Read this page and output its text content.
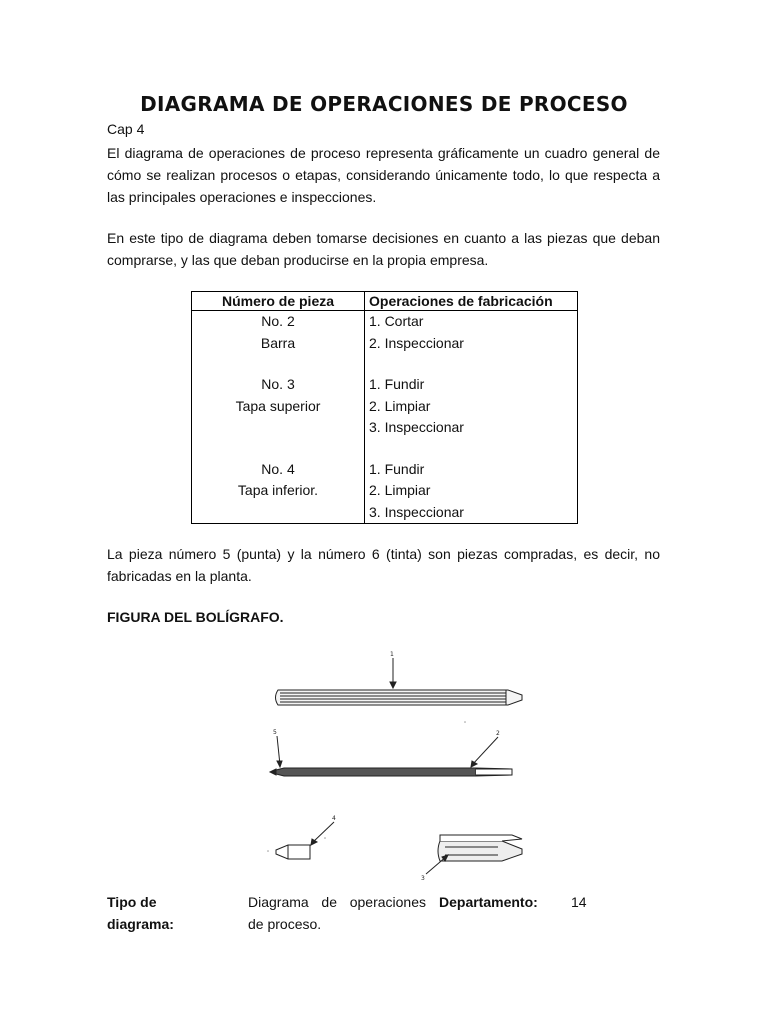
DIAGRAMA DE OPERACIONES DE PROCESO
Cap 4

El diagrama de operaciones de proceso representa gráficamente un cuadro general de cómo se realizan procesos o etapas, considerando únicamente todo, lo que respecta a las principales operaciones e inspecciones.

En este tipo de diagrama deben tomarse decisiones en cuanto a las piezas que deban comprarse, y las que deban producirse en la propia empresa.

Número de pieza	Operaciones de fabricación
No. 2	1. Cortar
Barra	2. Inspeccionar

No. 3	1. Fundir
Tapa superior	2. Limpiar
	3. Inspeccionar

No. 4	1. Fundir
Tapa inferior.	2. Limpiar
	3. Inspeccionar

La pieza número 5 (punta) y la número 6 (tinta) son piezas compradas, es decir, no fabricadas en la planta.

FIGURA DEL BOLÍGRAFO.
1
2
3
4
5
Tipo de diagrama:
Diagrama de operaciones de proceso.
Departamento: 14
